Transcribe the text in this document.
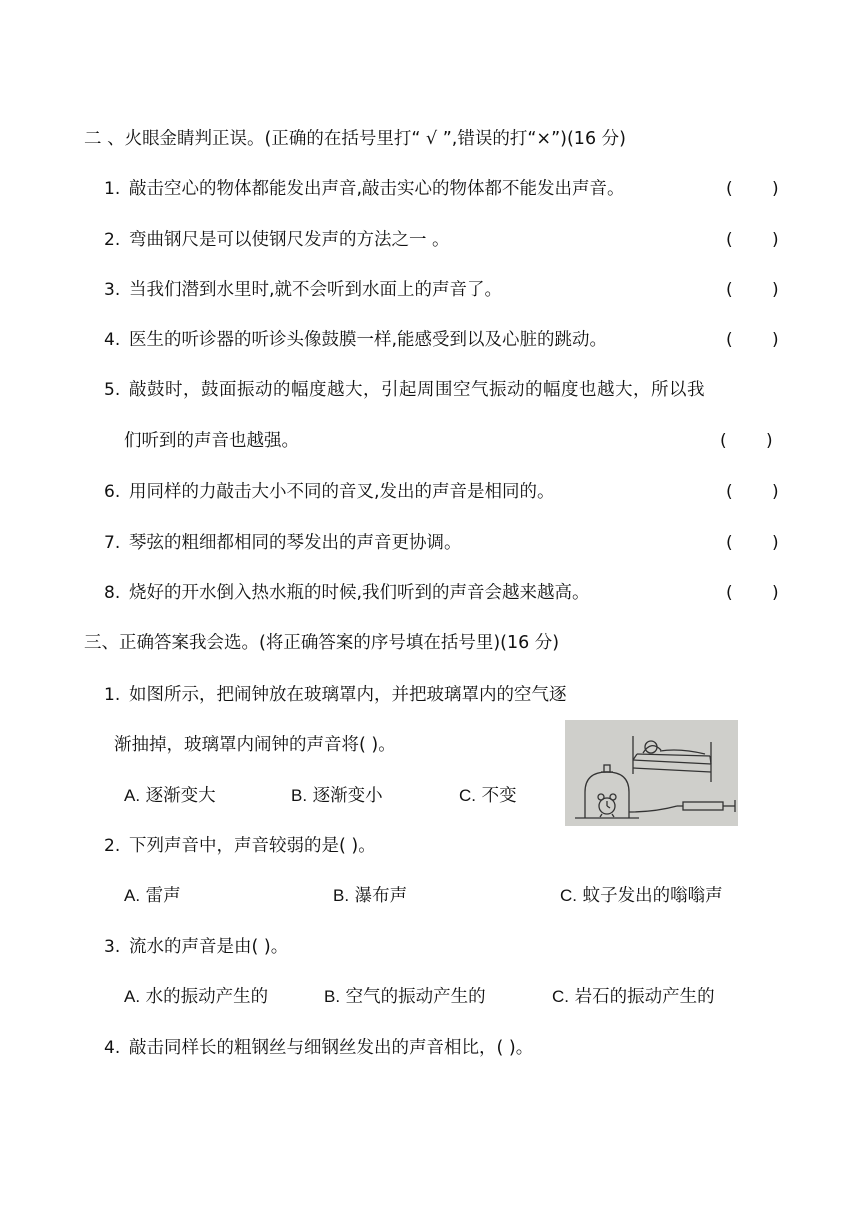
二 、火眼金睛判正误。(正确的在括号里打“ √ ”,错误的打“×”)(16 分)
1. 敲击空心的物体都能发出声音,敲击实心的物体都不能发出声音。	( )
2. 弯曲钢尺是可以使钢尺发声的方法之一 。	( )
3. 当我们潜到水里时,就不会听到水面上的声音了。	( )
4. 医生的听诊器的听诊头像鼓膜一样,能感受到以及心脏的跳动。	( )
5. 敲鼓时，鼓面振动的幅度越大，引起周围空气振动的幅度也越大，所以我
们听到的声音也越强。	( )
6. 用同样的力敲击大小不同的音叉,发出的声音是相同的。	( )
7. 琴弦的粗细都相同的琴发出的声音更协调。	( )
8. 烧好的开水倒入热水瓶的时候,我们听到的声音会越来越高。	( )
三、正确答案我会选。(将正确答案的序号填在括号里)(16 分)
1. 如图所示，把闹钟放在玻璃罩内，并把玻璃罩内的空气逐
渐抽掉，玻璃罩内闹钟的声音将( )。
A. 逐渐变大	B. 逐渐变小	C. 不变
2. 下列声音中，声音较弱的是( )。
A. 雷声	B. 瀑布声	C. 蚊子发出的嗡嗡声
3. 流水的声音是由( )。
A. 水的振动产生的	B. 空气的振动产生的	C. 岩石的振动产生的
4. 敲击同样长的粗钢丝与细钢丝发出的声音相比，( )。
